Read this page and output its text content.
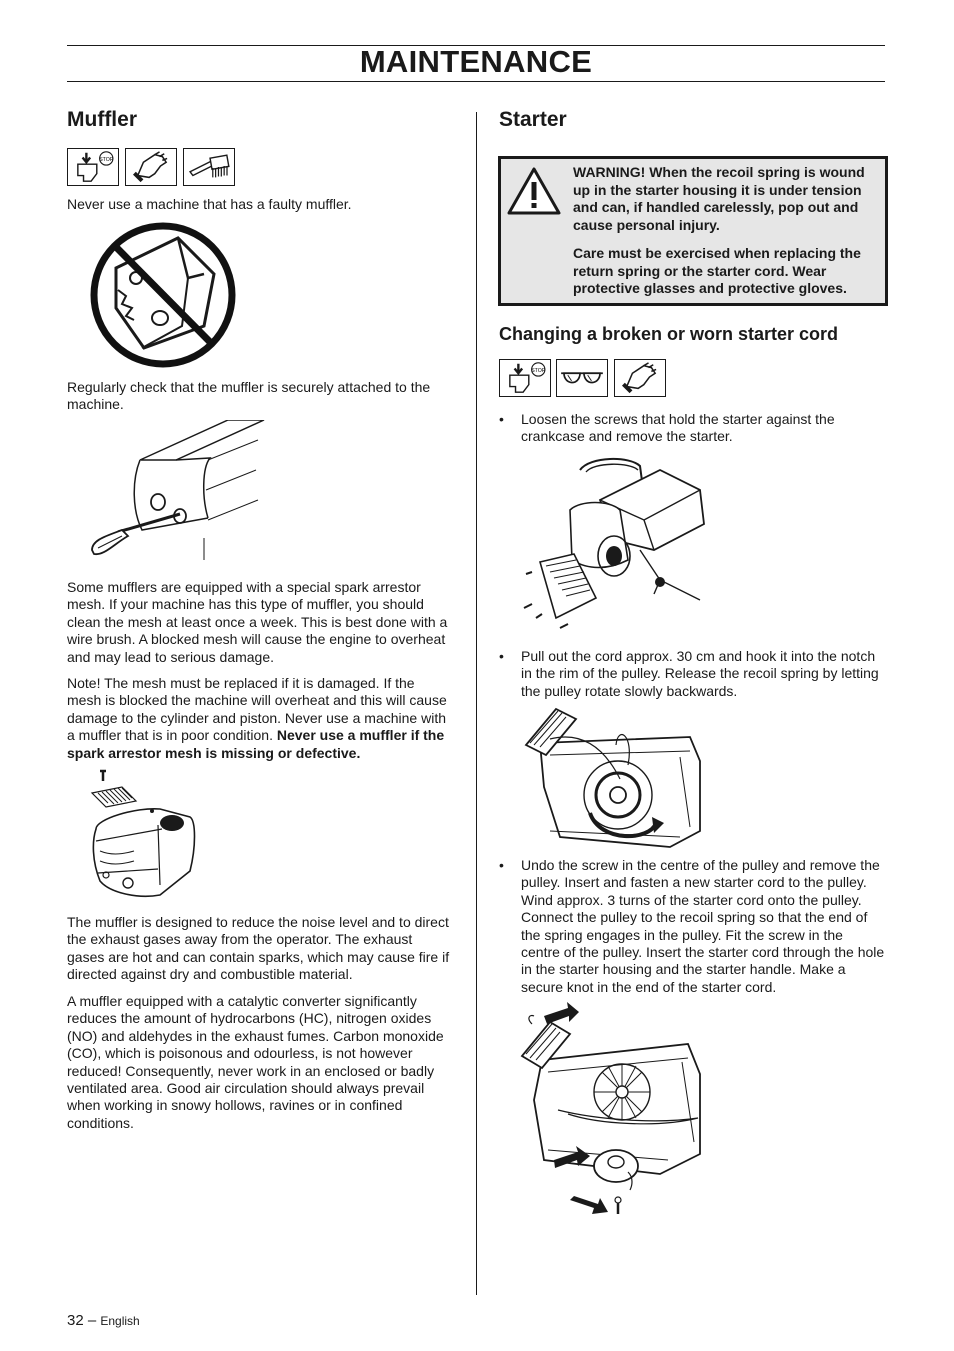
MAINTENANCE
Muffler
STOP

Never use a machine that has a faulty muffler.

Regularly check that the muffler is securely attached to the machine.

Some mufflers are equipped with a special spark arrestor mesh. If your machine has this type of muffler, you should clean the mesh at least once a week. This is best done with a wire brush. A blocked mesh will cause the engine to overheat and may lead to serious damage.

Note! The mesh must be replaced if it is damaged. If the mesh is blocked the machine will overheat and this will cause damage to the cylinder and piston. Never use a machine with a muffler that is in poor condition. Never use a muffler if the spark arrestor mesh is missing or defective.

The muffler is designed to reduce the noise level and to direct the exhaust gases away from the operator. The exhaust gases are hot and can contain sparks, which may cause fire if directed against dry and combustible material.

A muffler equipped with a catalytic converter significantly reduces the amount of hydrocarbons (HC), nitrogen oxides (NO) and aldehydes in the exhaust fumes. Carbon monoxide (CO), which is poisonous and odourless, is not however reduced! Consequently, never work in an enclosed or badly ventilated area. Good air circulation should always prevail when working in snowy hollows, ravines or in confined conditions.

Starter

WARNING! When the recoil spring is wound up in the starter housing it is under tension and can, if handled carelessly, pop out and cause personal injury.

Care must be exercised when replacing the return spring or the starter cord. Wear protective glasses and protective gloves.

Changing a broken or worn starter cord
STOP
• Loosen the screws that hold the starter against the crankcase and remove the starter.

• Pull out the cord approx. 30 cm and hook it into the notch in the rim of the pulley. Release the recoil spring by letting the pulley rotate slowly backwards.

• Undo the screw in the centre of the pulley and remove the pulley. Insert and fasten a new starter cord to the pulley. Wind approx. 3 turns of the starter cord onto the pulley. Connect the pulley to the recoil spring so that the end of the spring engages in the pulley. Fit the screw in the centre of the pulley. Insert the starter cord through the hole in the starter housing and the starter handle. Make a secure knot in the end of the starter cord.

32 – English
